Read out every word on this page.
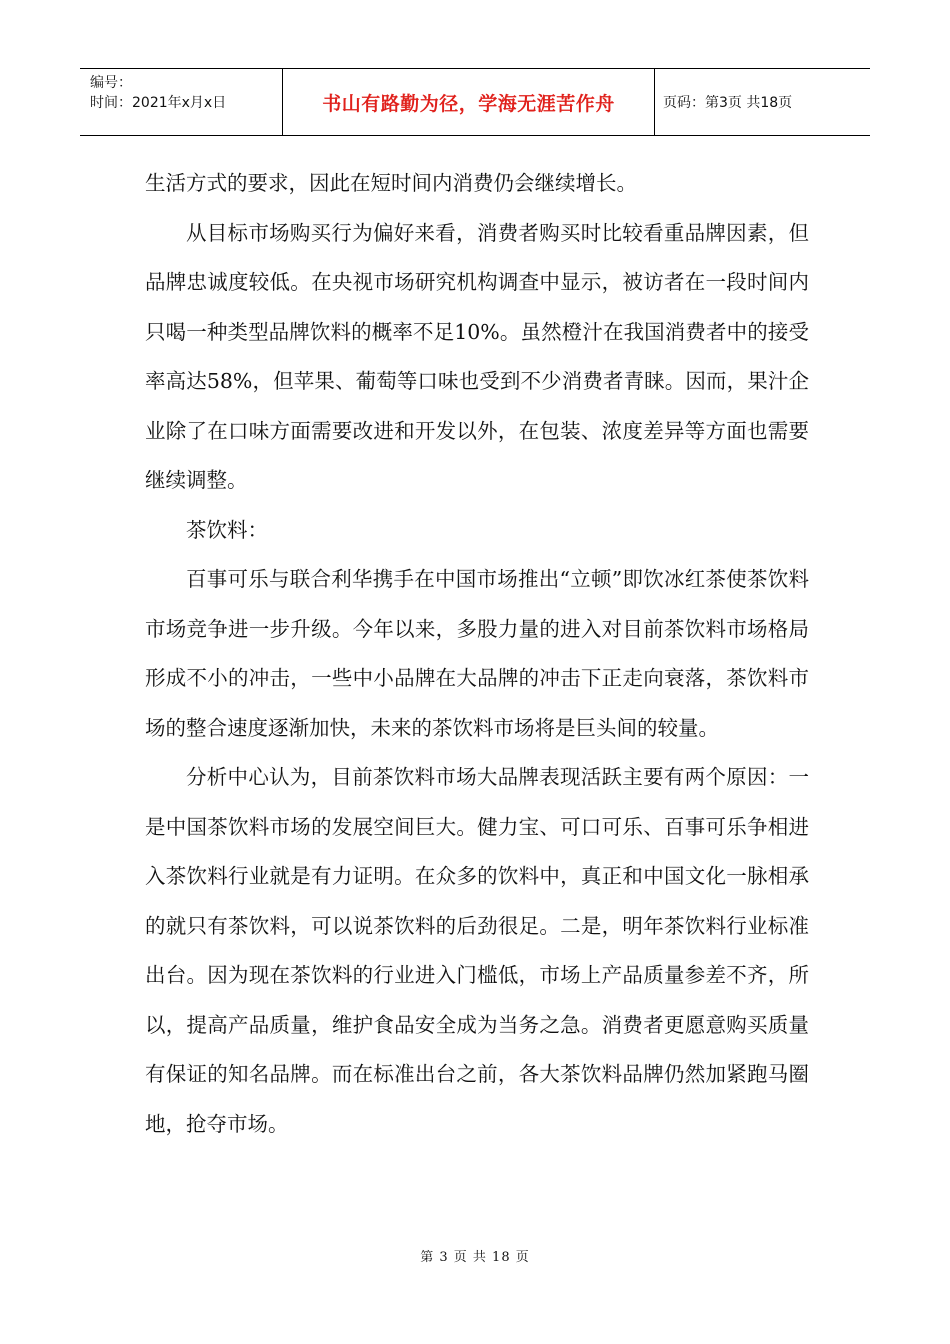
编号：
时间：2021年x月x日	书山有路勤为径，学海无涯苦作舟	页码：第3页 共18页

生活方式的要求，因此在短时间内消费仍会继续增长。

从目标市场购买行为偏好来看，消费者购买时比较看重品牌因素，但品牌忠诚度较低。在央视市场研究机构调查中显示，被访者在一段时间内只喝一种类型品牌饮料的概率不足10%。虽然橙汁在我国消费者中的接受率高达58%，但苹果、葡萄等口味也受到不少消费者青睐。因而，果汁企业除了在口味方面需要改进和开发以外，在包装、浓度差异等方面也需要继续调整。

茶饮料：

百事可乐与联合利华携手在中国市场推出“立顿”即饮冰红茶使茶饮料市场竞争进一步升级。今年以来，多股力量的进入对目前茶饮料市场格局形成不小的冲击，一些中小品牌在大品牌的冲击下正走向衰落，茶饮料市场的整合速度逐渐加快，未来的茶饮料市场将是巨头间的较量。

分析中心认为，目前茶饮料市场大品牌表现活跃主要有两个原因：一是中国茶饮料市场的发展空间巨大。健力宝、可口可乐、百事可乐争相进入茶饮料行业就是有力证明。在众多的饮料中，真正和中国文化一脉相承的就只有茶饮料，可以说茶饮料的后劲很足。二是，明年茶饮料行业标准出台。因为现在茶饮料的行业进入门槛低，市场上产品质量参差不齐，所以，提高产品质量，维护食品安全成为当务之急。消费者更愿意购买质量有保证的知名品牌。而在标准出台之前，各大茶饮料品牌仍然加紧跑马圈地，抢夺市场。

第 3 页 共 18 页
